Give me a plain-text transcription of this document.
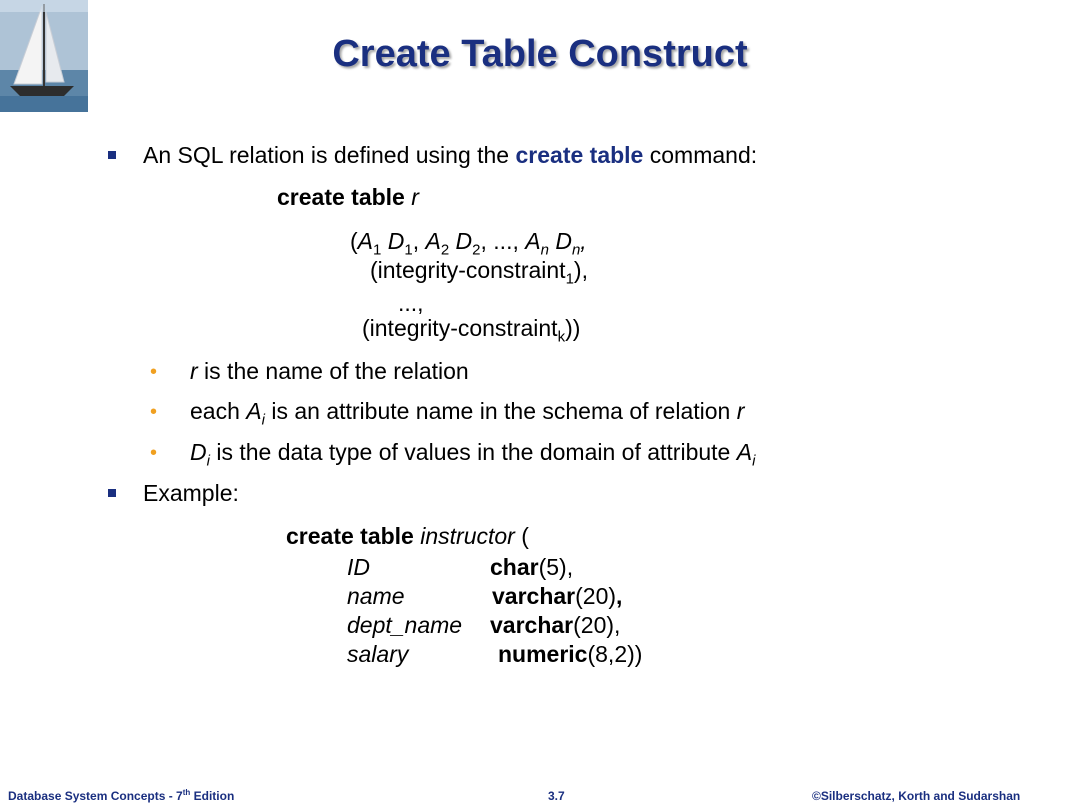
Create Table Construct
An SQL relation is defined using the create table command:
create table r
($A_1$ $D_1$, $A_2$ $D_2$, ..., $A_n$ $D_n$,
(integrity-constraint$_1$),
...,
(integrity-constraint$_k$))
• r is the name of the relation
• each $A_i$ is an attribute name in the schema of relation r
• $D_i$ is the data type of values in the domain of attribute $A_i$
Example:
create table instructor (
ID	char(5),
name	varchar(20),
dept_name varchar(20),
salary	numeric(8,2))
Database System Concepts - 7th Edition	3.7	©Silberschatz, Korth and Sudarshan
